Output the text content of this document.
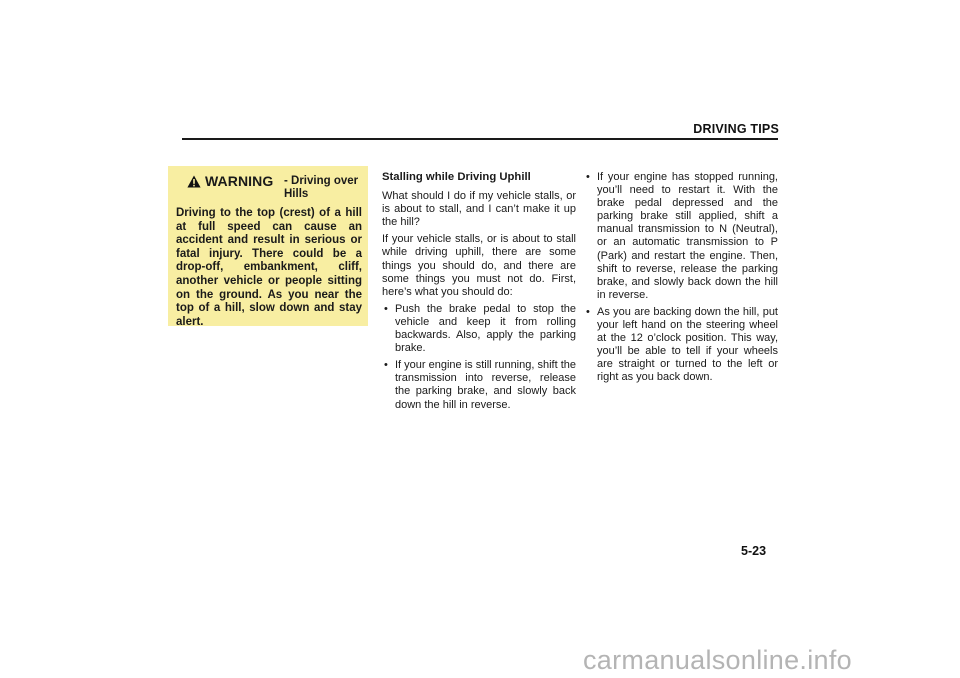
DRIVING TIPS
WARNING - Driving over Hills
Driving to the top (crest) of a hill at full speed can cause an accident and result in serious or fatal injury. There could be a drop-off, embankment, cliff, another vehicle or people sitting on the ground. As you near the top of a hill, slow down and stay alert.
Stalling while Driving Uphill

What should I do if my vehicle stalls, or is about to stall, and I can’t make it up the hill?

If your vehicle stalls, or is about to stall while driving uphill, there are some things you should do, and there are some things you must not do. First, here’s what you should do:

• Push the brake pedal to stop the vehicle and keep it from rolling backwards. Also, apply the parking brake.
• If your engine is still running, shift the transmission into reverse, release the parking brake, and slowly back down the hill in reverse.
• If your engine has stopped running, you’ll need to restart it. With the brake pedal depressed and the parking brake still applied, shift a manual transmission to N (Neutral), or an automatic transmission to P (Park) and restart the engine. Then, shift to reverse, release the parking brake, and slowly back down the hill in reverse.
• As you are backing down the hill, put your left hand on the steering wheel at the 12 o’clock position. This way, you’ll be able to tell if your wheels are straight or turned to the left or right as you back down.
5-23
carmanualsonline.info
